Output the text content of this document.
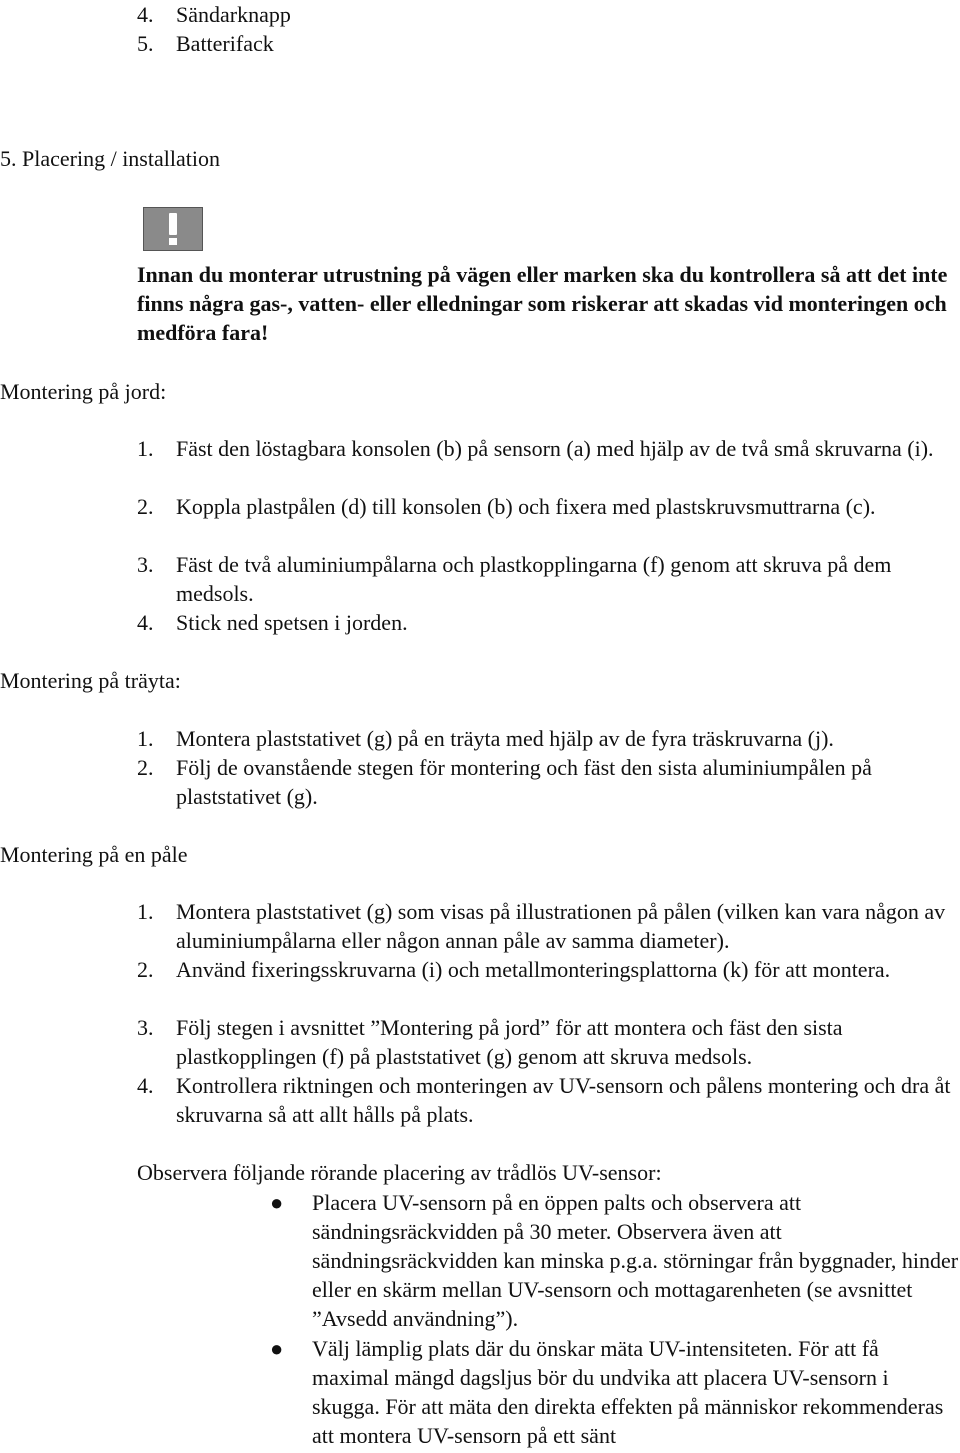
4. Sändarknapp
5. Batterifack
5. Placering / installation
Innan du monterar utrustning på vägen eller marken ska du kontrollera så att det inte finns några gas-, vatten- eller elledningar som riskerar att skadas vid monteringen och medföra fara!
Montering på jord:
1.	Fäst den löstagbara konsolen (b) på sensorn (a) med hjälp av de två små skruvarna (i).
2.	Koppla plastpålen (d) till konsolen (b) och fixera med plastskruvsmuttrarna (c).
3.	Fäst de två aluminiumpålarna och plastkopplingarna (f) genom att skruva på dem medsols.
4.	Stick ned spetsen i jorden.
Montering på träyta:
1.	Montera plaststativet (g) på en träyta med hjälp av de fyra träskruvarna (j).
2.	Följ de ovanstående stegen för montering och fäst den sista aluminiumpålen på plaststativet (g).
Montering på en påle
1.	Montera plaststativet (g) som visas på illustrationen på pålen (vilken kan vara någon av aluminiumpålarna eller någon annan påle av samma diameter).
2.	Använd fixeringsskruvarna (i) och metallmonteringsplattorna (k) för att montera.
3.	Följ stegen i avsnittet ”Montering på jord” för att montera och fäst den sista plastkopplingen (f) på plaststativet (g) genom att skruva medsols.
4.	Kontrollera riktningen och monteringen av UV-sensorn och pålens montering och dra åt skruvarna så att allt hålls på plats.
Observera följande rörande placering av trådlös UV-sensor:
●	Placera UV-sensorn på en öppen palts och observera att sändningsräckvidden på 30 meter. Observera även att sändningsräckvidden kan minska p.g.a. störningar från byggnader, hinder eller en skärm mellan UV-sensorn och mottagarenheten (se avsnittet ”Avsedd användning”).
●	Välj lämplig plats där du önskar mäta UV-intensiteten. För att få maximal mängd dagsljus bör du undvika att placera UV-sensorn i skugga. För att mäta den direkta effekten på människor rekommenderas att montera UV-sensorn på ett sänt
